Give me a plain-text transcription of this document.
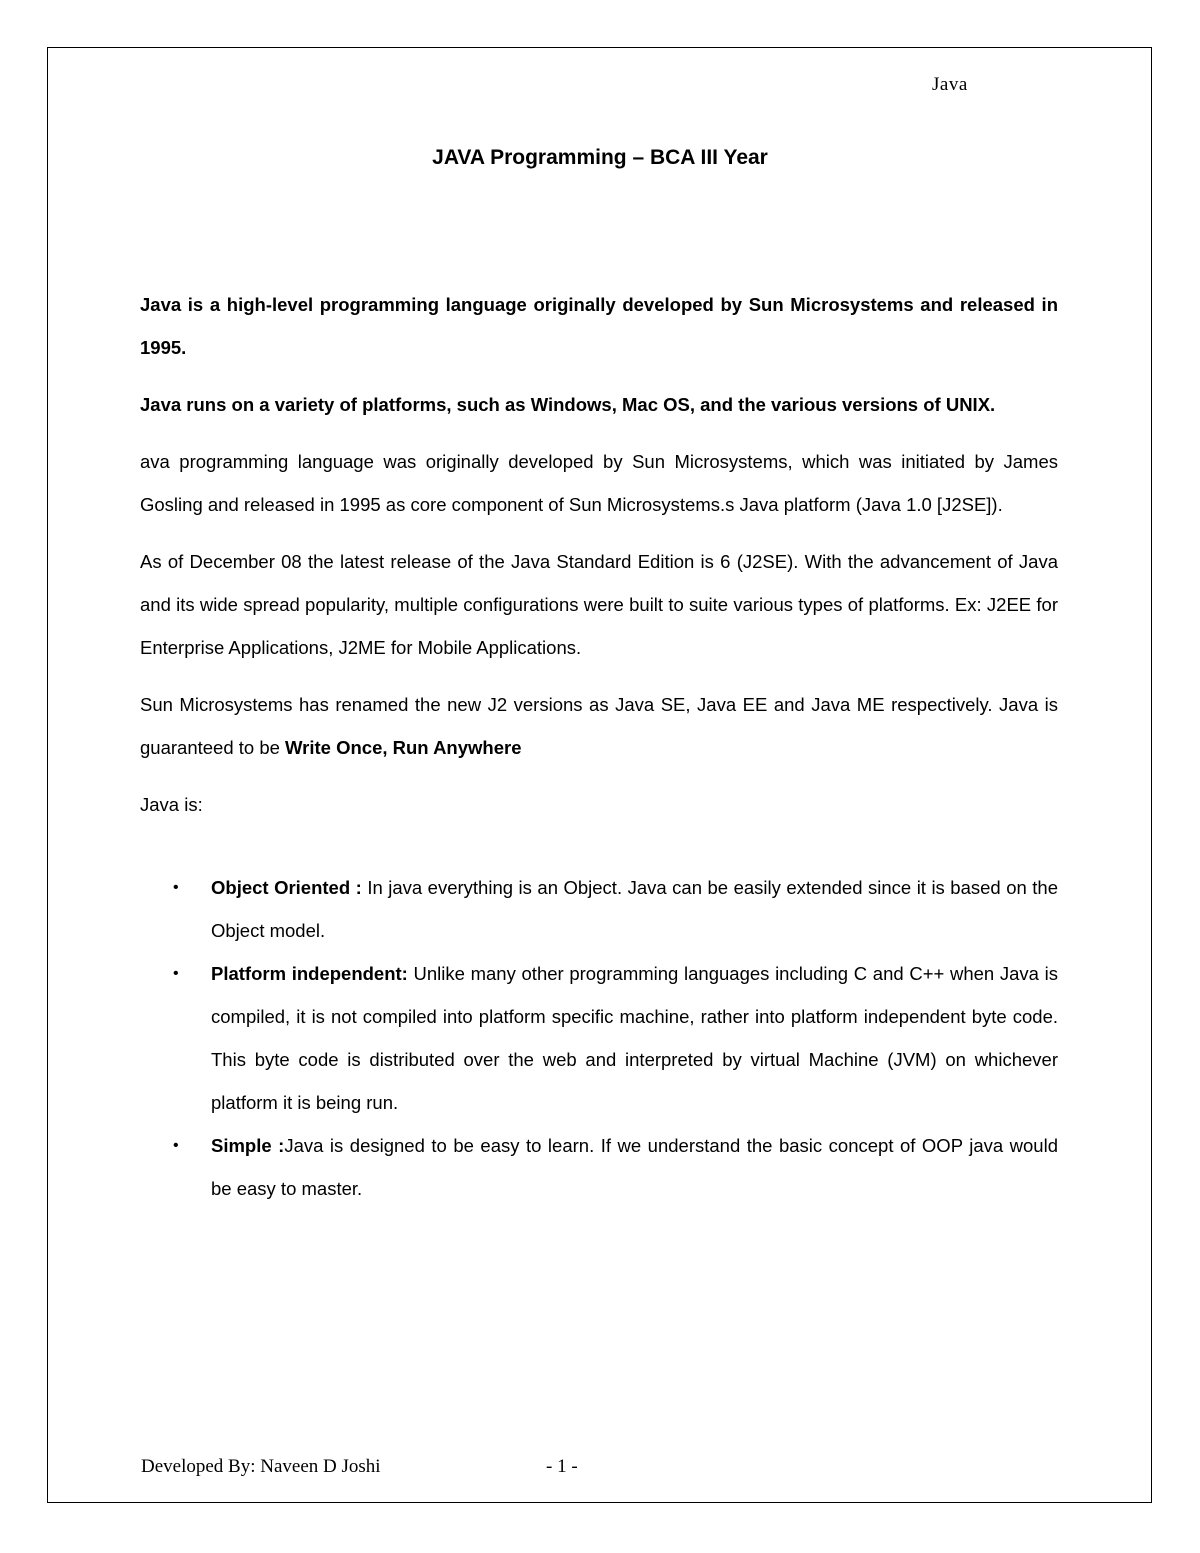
Java
JAVA Programming – BCA III Year

Java is a high-level programming language originally developed by Sun Microsystems and released in 1995.

Java runs on a variety of platforms, such as Windows, Mac OS, and the various versions of UNIX.

ava programming language was originally developed by Sun Microsystems, which was initiated by James Gosling and released in 1995 as core component of Sun Microsystems.s Java platform (Java 1.0 [J2SE]).

As of December 08 the latest release of the Java Standard Edition is 6 (J2SE). With the advancement of Java and its wide spread popularity, multiple configurations were built to suite various types of platforms. Ex: J2EE for Enterprise Applications, J2ME for Mobile Applications.

Sun Microsystems has renamed the new J2 versions as Java SE, Java EE and Java ME respectively. Java is guaranteed to be Write Once, Run Anywhere

Java is:

• Object Oriented : In java everything is an Object. Java can be easily extended since it is based on the Object model.
• Platform independent: Unlike many other programming languages including C and C++ when Java is compiled, it is not compiled into platform specific machine, rather into platform independent byte code. This byte code is distributed over the web and interpreted by virtual Machine (JVM) on whichever platform it is being run.
• Simple :Java is designed to be easy to learn. If we understand the basic concept of OOP java would be easy to master.
Developed By: Naveen D Joshi	- 1 -
